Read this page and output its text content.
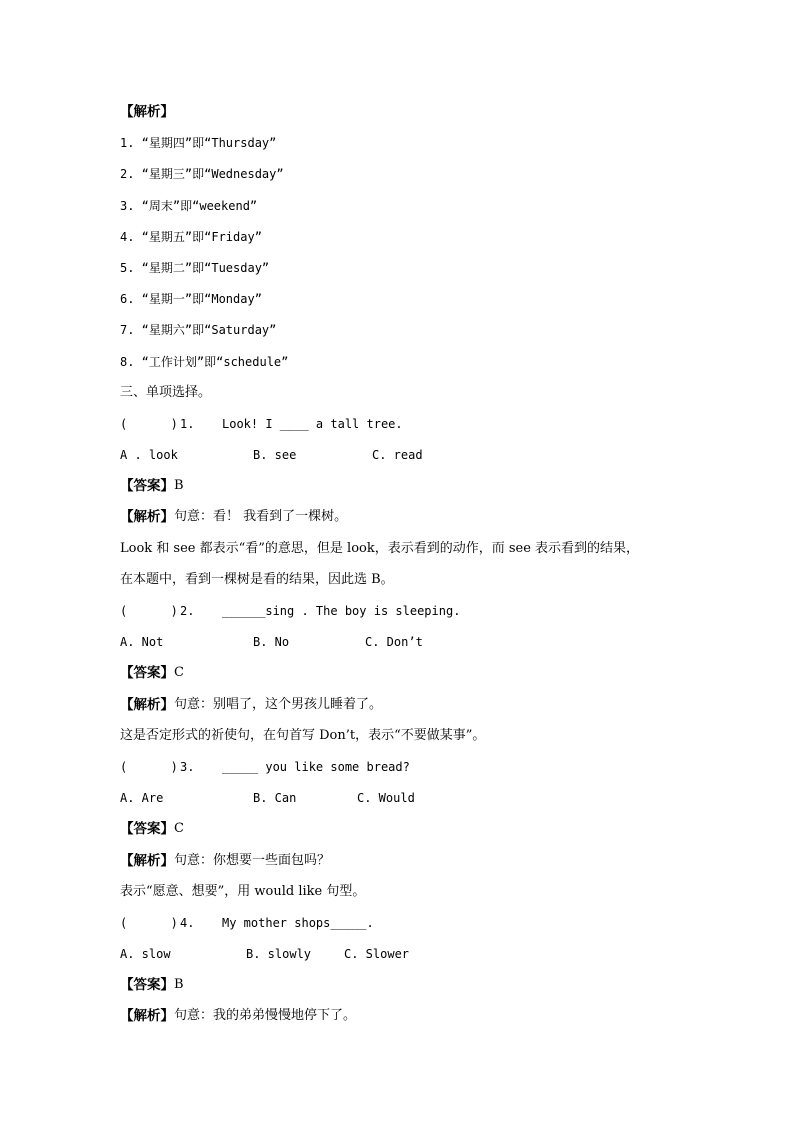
【解析】
1. “星期四”即“Thursday”
2. “星期三”即“Wednesday”
3. “周末”即“weekend”
4. “星期五”即“Friday”
5. “星期二”即“Tuesday”
6. “星期一”即“Monday”
7. “星期六”即“Saturday”
8. “工作计划”即“schedule”
三、单项选择。
(      ) 1.	Look! I ____ a tall tree.
A . look	B. see	C. read
【答案】 B
【解析】 句意：看！ 我看到了一棵树。
Look 和 see 都表示“看”的意思，但是 look，表示看到的动作，而 see 表示看到的结果，
在本题中，看到一棵树是看的结果，因此选 B。
(      ) 2.	______sing . The boy is sleeping.
A. Not	B. No	C. Don’t
【答案】 C
【解析】 句意：别唱了，这个男孩儿睡着了。
这是否定形式的祈使句，在句首写 Don’t，表示“不要做某事”。
(      ) 3.	_____ you like some bread?
A. Are	B. Can	C. Would
【答案】 C
【解析】 句意：你想要一些面包吗？
表示“愿意、想要”，用 would like 句型。
(      ) 4.	My mother shops_____.
A. slow	B. slowly	C. Slower
【答案】 B
【解析】 句意：我的弟弟慢慢地停下了。
